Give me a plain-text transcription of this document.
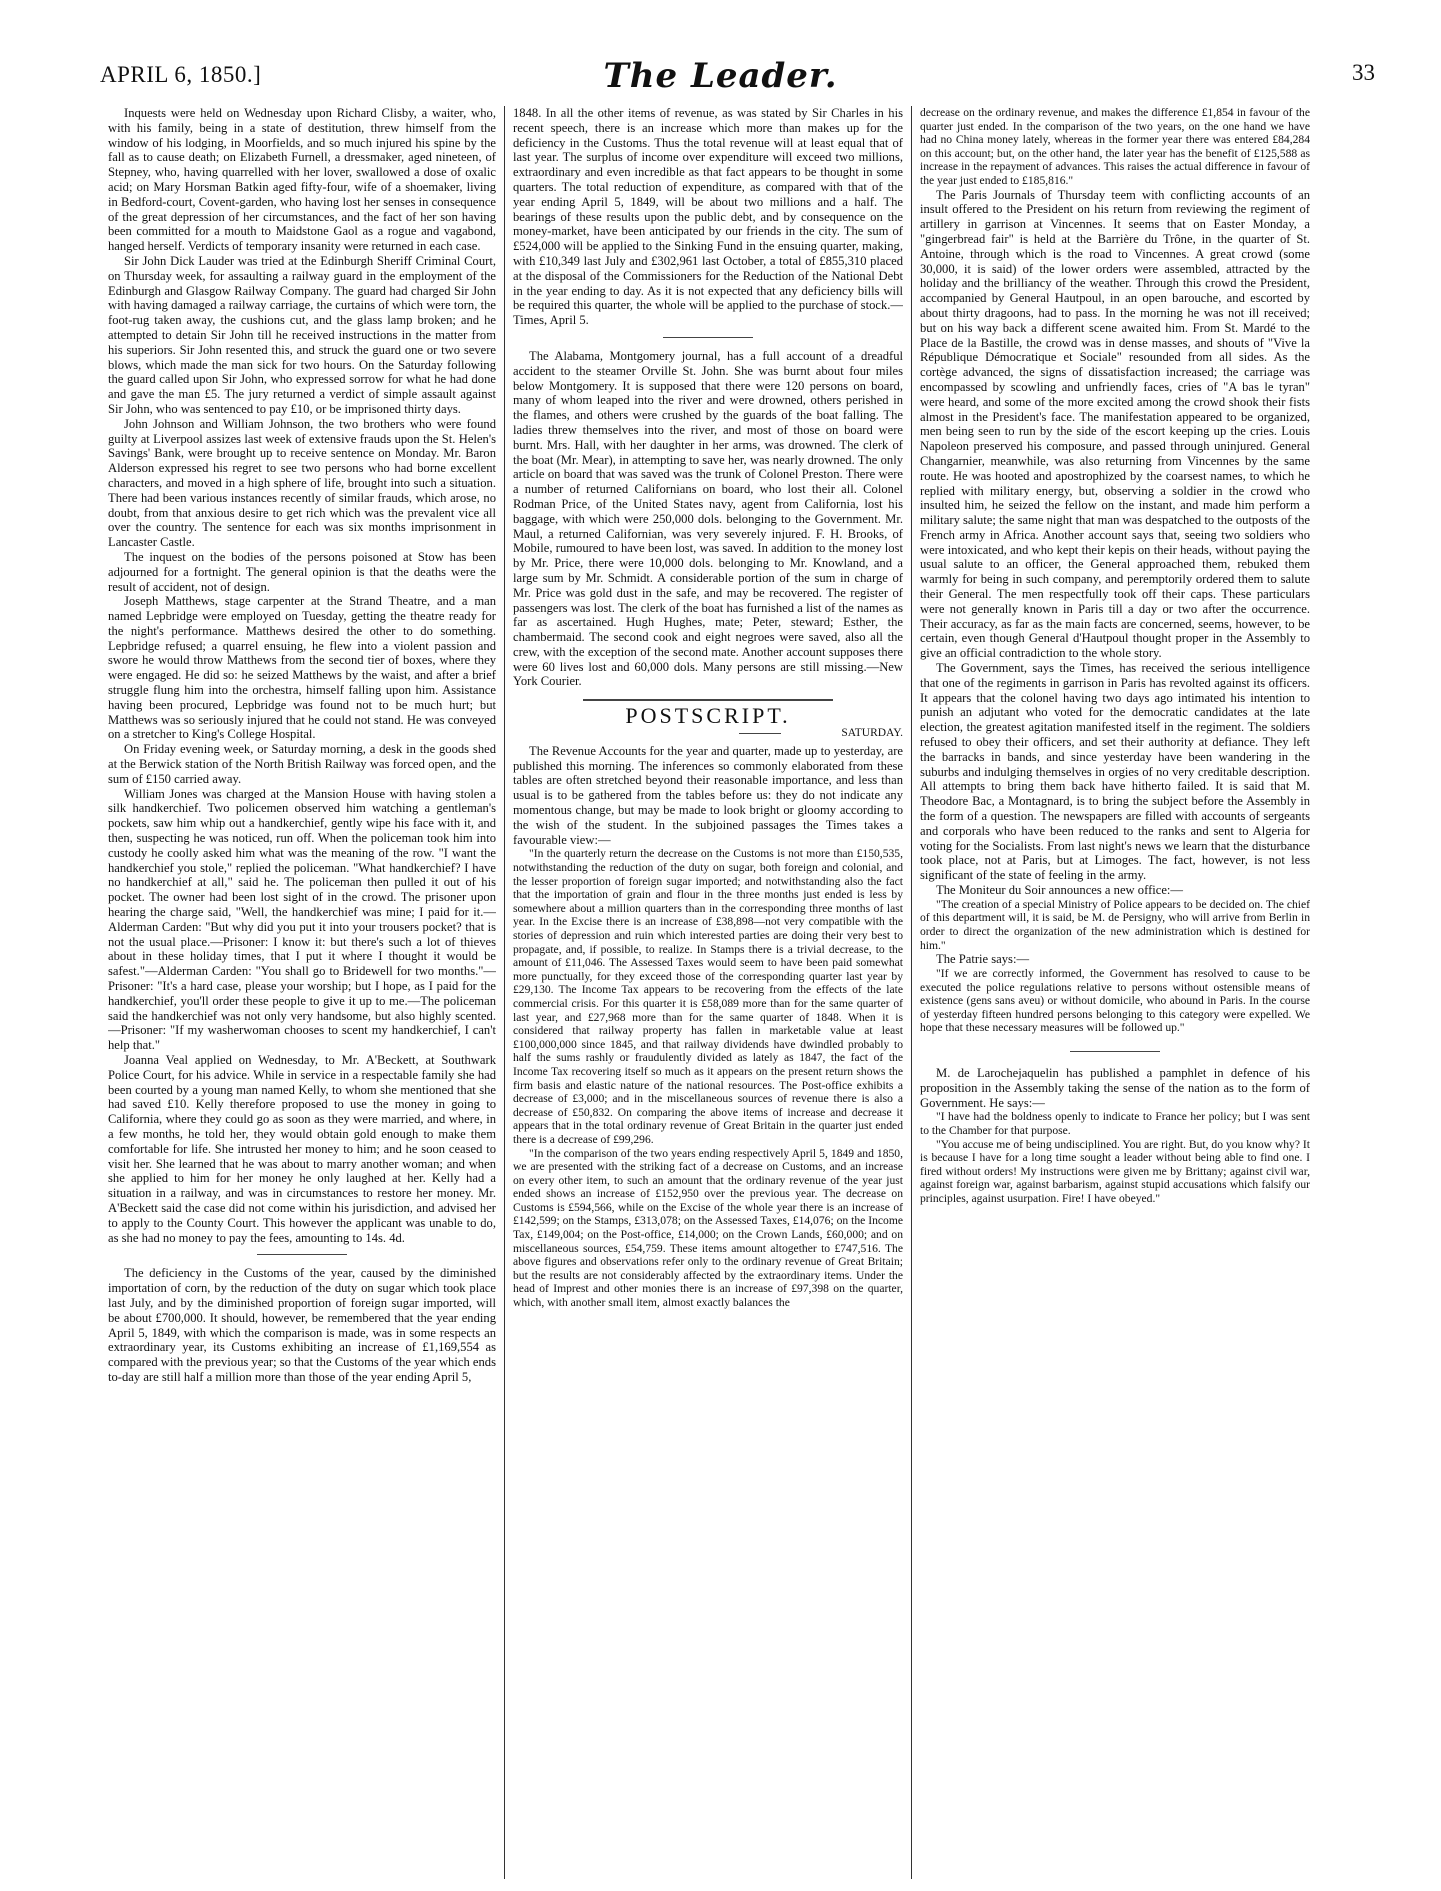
APRIL 6, 1850.]	The Leader.	33

Inquests were held on Wednesday upon Richard Clisby, a waiter, who, with his family, being in a state of destitution, threw himself from the window of his lodging, in Moorfields, and so much injured his spine by the fall as to cause death; on Elizabeth Furnell, a dressmaker, aged nineteen, of Stepney, who, having quarrelled with her lover, swallowed a dose of oxalic acid; on Mary Horsman Batkin aged fifty-four, wife of a shoemaker, living in Bedford-court, Covent-garden, who having lost her senses in consequence of the great depression of her circumstances, and the fact of her son having been committed for a mouth to Maidstone Gaol as a rogue and vagabond, hanged herself. Verdicts of temporary insanity were returned in each case.

Sir John Dick Lauder was tried at the Edinburgh Sheriff Criminal Court, on Thursday week, for assaulting a railway guard in the employment of the Edinburgh and Glasgow Railway Company. The guard had charged Sir John with having damaged a railway carriage, the curtains of which were torn, the foot-rug taken away, the cushions cut, and the glass lamp broken; and he attempted to detain Sir John till he received instructions in the matter from his superiors. Sir John resented this, and struck the guard one or two severe blows, which made the man sick for two hours. On the Saturday following the guard called upon Sir John, who expressed sorrow for what he had done and gave the man £5. The jury returned a verdict of simple assault against Sir John, who was sentenced to pay £10, or be imprisoned thirty days.

John Johnson and William Johnson, the two brothers who were found guilty at Liverpool assizes last week of extensive frauds upon the St. Helen's Savings' Bank, were brought up to receive sentence on Monday. Mr. Baron Alderson expressed his regret to see two persons who had borne excellent characters, and moved in a high sphere of life, brought into such a situation. There had been various instances recently of similar frauds, which arose, no doubt, from that anxious desire to get rich which was the prevalent vice all over the country. The sentence for each was six months imprisonment in Lancaster Castle.

The inquest on the bodies of the persons poisoned at Stow has been adjourned for a fortnight. The general opinion is that the deaths were the result of accident, not of design.

Joseph Matthews, stage carpenter at the Strand Theatre, and a man named Lepbridge were employed on Tuesday, getting the theatre ready for the night's performance. Matthews desired the other to do something. Lepbridge refused; a quarrel ensuing, he flew into a violent passion and swore he would throw Matthews from the second tier of boxes, where they were engaged. He did so: he seized Matthews by the waist, and after a brief struggle flung him into the orchestra, himself falling upon him. Assistance having been procured, Lepbridge was found not to be much hurt; but Matthews was so seriously injured that he could not stand. He was conveyed on a stretcher to King's College Hospital.

On Friday evening week, or Saturday morning, a desk in the goods shed at the Berwick station of the North British Railway was forced open, and the sum of £150 carried away.

William Jones was charged at the Mansion House with having stolen a silk handkerchief. Two policemen observed him watching a gentleman's pockets, saw him whip out a handkerchief, gently wipe his face with it, and then, suspecting he was noticed, run off. When the policeman took him into custody he coolly asked him what was the meaning of the row. "I want the handkerchief you stole," replied the policeman. "What handkerchief? I have no handkerchief at all," said he. The policeman then pulled it out of his pocket. The owner had been lost sight of in the crowd. The prisoner upon hearing the charge said, "Well, the handkerchief was mine; I paid for it.—Alderman Carden: "But why did you put it into your trousers pocket? that is not the usual place.—Prisoner: I know it: but there's such a lot of thieves about in these holiday times, that I put it where I thought it would be safest."—Alderman Carden: "You shall go to Bridewell for two months."—Prisoner: "It's a hard case, please your worship; but I hope, as I paid for the handkerchief, you'll order these people to give it up to me.—The policeman said the handkerchief was not only very handsome, but also highly scented.—Prisoner: "If my washerwoman chooses to scent my handkerchief, I can't help that."

Joanna Veal applied on Wednesday, to Mr. A'Beckett, at Southwark Police Court, for his advice. While in service in a respectable family she had been courted by a young man named Kelly, to whom she mentioned that she had saved £10. Kelly therefore proposed to use the money in going to California, where they could go as soon as they were married, and where, in a few months, he told her, they would obtain gold enough to make them comfortable for life. She intrusted her money to him; and he soon ceased to visit her. She learned that he was about to marry another woman; and when she applied to him for her money he only laughed at her. Kelly had a situation in a railway, and was in circumstances to restore her money. Mr. A'Beckett said the case did not come within his jurisdiction, and advised her to apply to the County Court. This however the applicant was unable to do, as she had no money to pay the fees, amounting to 14s. 4d.

The deficiency in the Customs of the year, caused by the diminished importation of corn, by the reduction of the duty on sugar which took place last July, and by the diminished proportion of foreign sugar imported, will be about £700,000. It should, however, be remembered that the year ending April 5, 1849, with which the comparison is made, was in some respects an extraordinary year, its Customs exhibiting an increase of £1,169,554 as compared with the previous year; so that the Customs of the year which ends to-day are still half a million more than those of the year ending April 5,

1848. In all the other items of revenue, as was stated by Sir Charles in his recent speech, there is an increase which more than makes up for the deficiency in the Customs. Thus the total revenue will at least equal that of last year. The surplus of income over expenditure will exceed two millions, extraordinary and even incredible as that fact appears to be thought in some quarters. The total reduction of expenditure, as compared with that of the year ending April 5, 1849, will be about two millions and a half. The bearings of these results upon the public debt, and by consequence on the money-market, have been anticipated by our friends in the city. The sum of £524,000 will be applied to the Sinking Fund in the ensuing quarter, making, with £10,349 last July and £302,961 last October, a total of £855,310 placed at the disposal of the Commissioners for the Reduction of the National Debt in the year ending to day. As it is not expected that any deficiency bills will be required this quarter, the whole will be applied to the purchase of stock.—Times, April 5.

The Alabama, Montgomery journal, has a full account of a dreadful accident to the steamer Orville St. John. She was burnt about four miles below Montgomery. It is supposed that there were 120 persons on board, many of whom leaped into the river and were drowned, others perished in the flames, and others were crushed by the guards of the boat falling. The ladies threw themselves into the river, and most of those on board were burnt. Mrs. Hall, with her daughter in her arms, was drowned. The clerk of the boat (Mr. Mear), in attempting to save her, was nearly drowned. The only article on board that was saved was the trunk of Colonel Preston. There were a number of returned Californians on board, who lost their all. Colonel Rodman Price, of the United States navy, agent from California, lost his baggage, with which were 250,000 dols. belonging to the Government. Mr. Maul, a returned Californian, was very severely injured. F. H. Brooks, of Mobile, rumoured to have been lost, was saved. In addition to the money lost by Mr. Price, there were 10,000 dols. belonging to Mr. Knowland, and a large sum by Mr. Schmidt. A considerable portion of the sum in charge of Mr. Price was gold dust in the safe, and may be recovered. The register of passengers was lost. The clerk of the boat has furnished a list of the names as far as ascertained. Hugh Hughes, mate; Peter, steward; Esther, the chambermaid. The second cook and eight negroes were saved, also all the crew, with the exception of the second mate. Another account supposes there were 60 lives lost and 60,000 dols. Many persons are still missing.—New York Courier.

POSTSCRIPT.
SATURDAY.

The Revenue Accounts for the year and quarter, made up to yesterday, are published this morning. The inferences so commonly elaborated from these tables are often stretched beyond their reasonable importance, and less than usual is to be gathered from the tables before us: they do not indicate any momentous change, but may be made to look bright or gloomy according to the wish of the student. In the subjoined passages the Times takes a favourable view:—

"In the quarterly return the decrease on the Customs is not more than £150,535, notwithstanding the reduction of the duty on sugar, both foreign and colonial, and the lesser proportion of foreign sugar imported; and notwithstanding also the fact that the importation of grain and flour in the three months just ended is less by somewhere about a million quarters than in the corresponding three months of last year. In the Excise there is an increase of £38,898—not very compatible with the stories of depression and ruin which interested parties are doing their very best to propagate, and, if possible, to realize. In Stamps there is a trivial decrease, to the amount of £11,046. The Assessed Taxes would seem to have been paid somewhat more punctually, for they exceed those of the corresponding quarter last year by £29,130. The Income Tax appears to be recovering from the effects of the late commercial crisis. For this quarter it is £58,089 more than for the same quarter of last year, and £27,968 more than for the same quarter of 1848. When it is considered that railway property has fallen in marketable value at least £100,000,000 since 1845, and that railway dividends have dwindled probably to half the sums rashly or fraudulently divided as lately as 1847, the fact of the Income Tax recovering itself so much as it appears on the present return shows the firm basis and elastic nature of the national resources. The Post-office exhibits a decrease of £3,000; and in the miscellaneous sources of revenue there is also a decrease of £50,832. On comparing the above items of increase and decrease it appears that in the total ordinary revenue of Great Britain in the quarter just ended there is a decrease of £99,296.

"In the comparison of the two years ending respectively April 5, 1849 and 1850, we are presented with the striking fact of a decrease on Customs, and an increase on every other item, to such an amount that the ordinary revenue of the year just ended shows an increase of £152,950 over the previous year. The decrease on Customs is £594,566, while on the Excise of the whole year there is an increase of £142,599; on the Stamps, £313,078; on the Assessed Taxes, £14,076; on the Income Tax, £149,004; on the Post-office, £14,000; on the Crown Lands, £60,000; and on miscellaneous sources, £54,759. These items amount altogether to £747,516. The above figures and observations refer only to the ordinary revenue of Great Britain; but the results are not considerably affected by the extraordinary items. Under the head of Imprest and other monies there is an increase of £97,398 on the quarter, which, with another small item, almost exactly balances the

decrease on the ordinary revenue, and makes the difference £1,854 in favour of the quarter just ended. In the comparison of the two years, on the one hand we have had no China money lately, whereas in the former year there was entered £84,284 on this account; but, on the other hand, the later year has the benefit of £125,588 as increase in the repayment of advances. This raises the actual difference in favour of the year just ended to £185,816."

The Paris Journals of Thursday teem with conflicting accounts of an insult offered to the President on his return from reviewing the regiment of artillery in garrison at Vincennes. It seems that on Easter Monday, a "gingerbread fair" is held at the Barrière du Trône, in the quarter of St. Antoine, through which is the road to Vincennes. A great crowd (some 30,000, it is said) of the lower orders were assembled, attracted by the holiday and the brilliancy of the weather. Through this crowd the President, accompanied by General Hautpoul, in an open barouche, and escorted by about thirty dragoons, had to pass. In the morning he was not ill received; but on his way back a different scene awaited him. From St. Mardé to the Place de la Bastille, the crowd was in dense masses, and shouts of "Vive la République Démocratique et Sociale" resounded from all sides. As the cortège advanced, the signs of dissatisfaction increased; the carriage was encompassed by scowling and unfriendly faces, cries of "A bas le tyran" were heard, and some of the more excited among the crowd shook their fists almost in the President's face. The manifestation appeared to be organized, men being seen to run by the side of the escort keeping up the cries. Louis Napoleon preserved his composure, and passed through uninjured. General Changarnier, meanwhile, was also returning from Vincennes by the same route. He was hooted and apostrophized by the coarsest names, to which he replied with military energy, but, observing a soldier in the crowd who insulted him, he seized the fellow on the instant, and made him perform a military salute; the same night that man was despatched to the outposts of the French army in Africa. Another account says that, seeing two soldiers who were intoxicated, and who kept their kepis on their heads, without paying the usual salute to an officer, the General approached them, rebuked them warmly for being in such company, and peremptorily ordered them to salute their General. The men respectfully took off their caps. These particulars were not generally known in Paris till a day or two after the occurrence. Their accuracy, as far as the main facts are concerned, seems, however, to be certain, even though General d'Hautpoul thought proper in the Assembly to give an official contradiction to the whole story.

The Government, says the Times, has received the serious intelligence that one of the regiments in garrison in Paris has revolted against its officers. It appears that the colonel having two days ago intimated his intention to punish an adjutant who voted for the democratic candidates at the late election, the greatest agitation manifested itself in the regiment. The soldiers refused to obey their officers, and set their authority at defiance. They left the barracks in bands, and since yesterday have been wandering in the suburbs and indulging themselves in orgies of no very creditable description. All attempts to bring them back have hitherto failed. It is said that M. Theodore Bac, a Montagnard, is to bring the subject before the Assembly in the form of a question. The newspapers are filled with accounts of sergeants and corporals who have been reduced to the ranks and sent to Algeria for voting for the Socialists. From last night's news we learn that the disturbance took place, not at Paris, but at Limoges. The fact, however, is not less significant of the state of feeling in the army.

The Moniteur du Soir announces a new office:—

"The creation of a special Ministry of Police appears to be decided on. The chief of this department will, it is said, be M. de Persigny, who will arrive from Berlin in order to direct the organization of the new administration which is destined for him."

The Patrie says:—

"If we are correctly informed, the Government has resolved to cause to be executed the police regulations relative to persons without ostensible means of existence (gens sans aveu) or without domicile, who abound in Paris. In the course of yesterday fifteen hundred persons belonging to this category were expelled. We hope that these necessary measures will be followed up."

M. de Larochejaquelin has published a pamphlet in defence of his proposition in the Assembly taking the sense of the nation as to the form of Government. He says:—

"I have had the boldness openly to indicate to France her policy; but I was sent to the Chamber for that purpose.

"You accuse me of being undisciplined. You are right. But, do you know why? It is because I have for a long time sought a leader without being able to find one. I fired without orders! My instructions were given me by Brittany; against civil war, against foreign war, against barbarism, against stupid accusations which falsify our principles, against usurpation. Fire! I have obeyed."
